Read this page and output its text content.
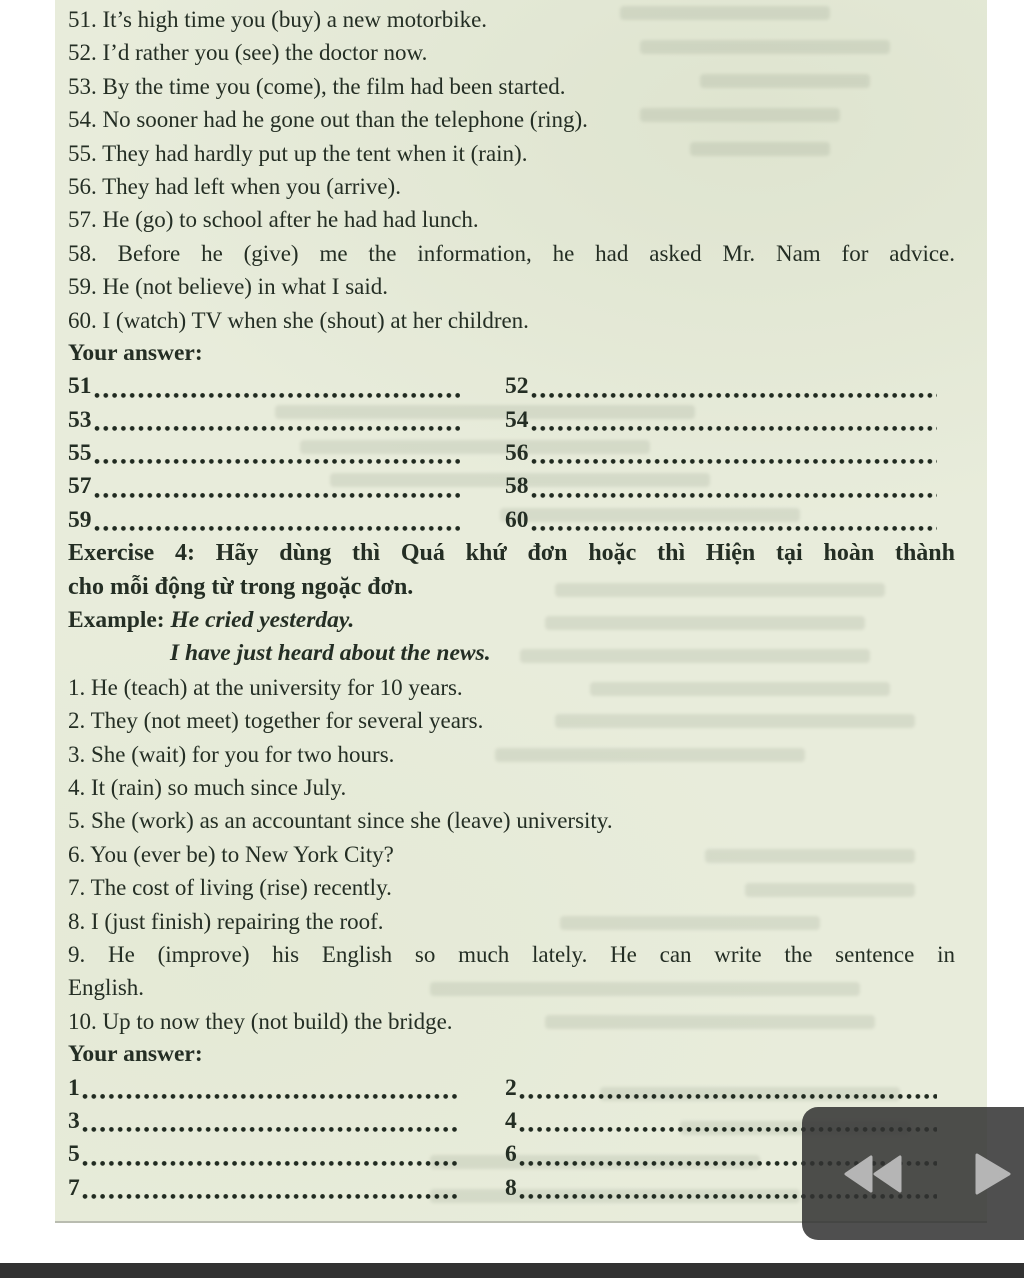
51. It’s high time you (buy) a new motorbike.
52. I’d rather you (see) the doctor now.
53. By the time you (come), the film had been started.
54. No sooner had he gone out than the telephone (ring).
55. They had hardly put up the tent when it (rain).
56. They had left when you (arrive).
57. He (go) to school after he had had lunch.
58. Before he (give) me the information, he had asked Mr. Nam for advice.
59. He (not believe) in what I said.
60. I (watch) TV when she (shout) at her children.
Your answer:
51	52
53	54
55	56
57	58
59	60
Exercise 4: Hãy dùng thì Quá khứ đơn hoặc thì Hiện tại hoàn thành
cho mỗi động từ trong ngoặc đơn.
Example: He cried yesterday.
I have just heard about the news.
1. He (teach) at the university for 10 years.
2. They (not meet) together for several years.
3. She (wait) for you for two hours.
4. It (rain) so much since July.
5. She (work) as an accountant since she (leave) university.
6. You (ever be) to New York City?
7. The cost of living (rise) recently.
8. I (just finish) repairing the roof.
9. He (improve) his English so much lately. He can write the sentence in
English.
10. Up to now they (not build) the bridge.
Your answer:
1	2
3	4
5	6
7	8
